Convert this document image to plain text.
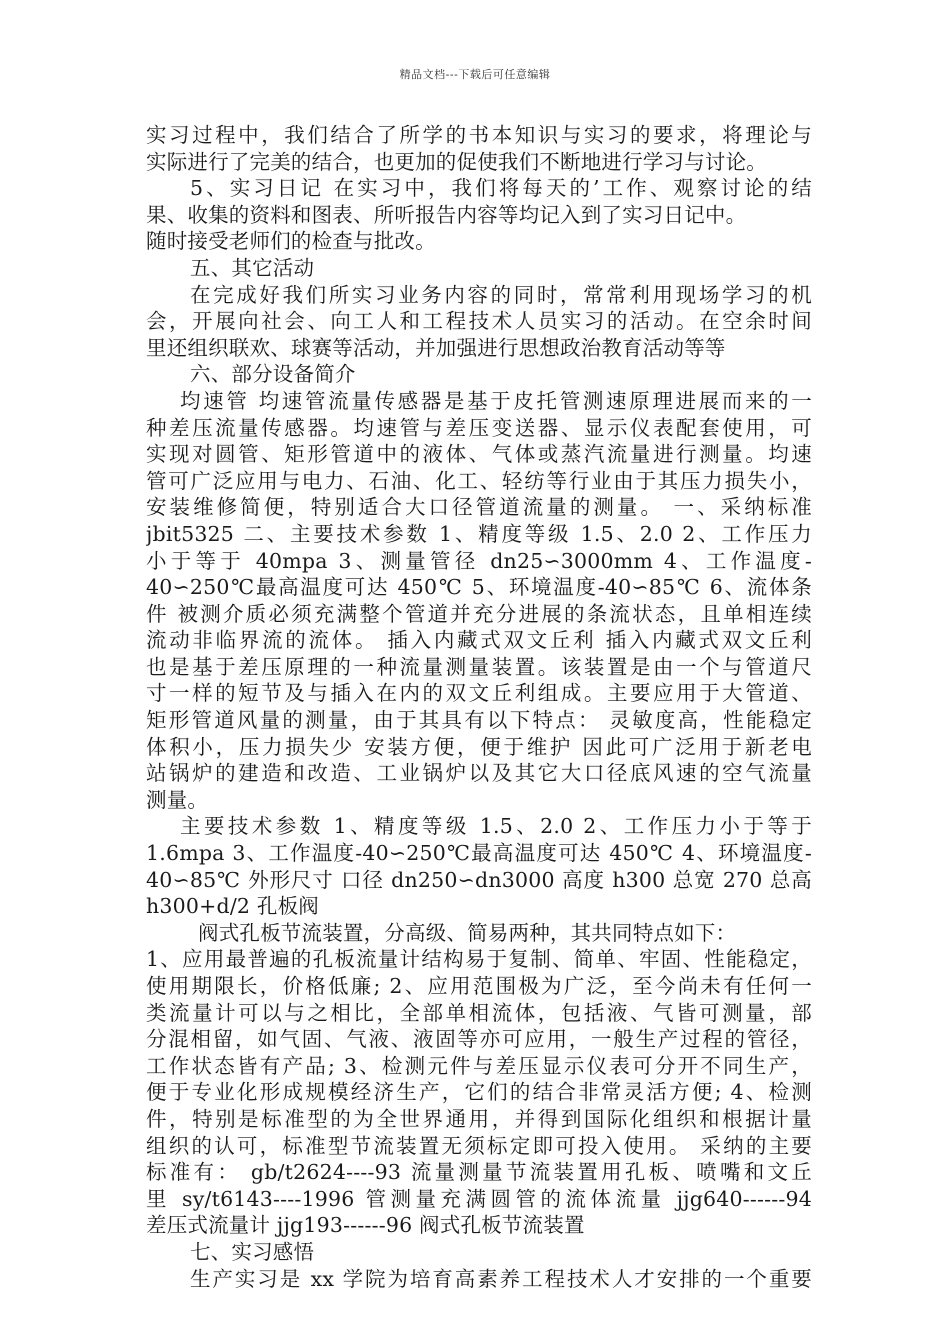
精品文档---下载后可任意编辑
实习过程中，我们结合了所学的书本知识与实习的要求，将理论与
实际进行了完美的结合，也更加的促使我们不断地进行学习与讨论。
5、实习日记 在实习中，我们将每天的’工作、观察讨论的结
果、收集的资料和图表、所听报告内容等均记入到了实习日记中。
随时接受老师们的检查与批改。
五、其它活动
在完成好我们所实习业务内容的同时，常常利用现场学习的机
会，开展向社会、向工人和工程技术人员实习的活动。在空余时间
里还组织联欢、球赛等活动，并加强进行思想政治教育活动等等
六、部分设备简介
均速管 均速管流量传感器是基于皮托管测速原理进展而来的一
种差压流量传感器。均速管与差压变送器、显示仪表配套使用，可
实现对圆管、矩形管道中的液体、气体或蒸汽流量进行测量。均速
管可广泛应用与电力、石油、化工、轻纺等行业由于其压力损失小，
安装维修简便，特别适合大口径管道流量的测量。 一、采纳标准
jbit5325 二、主要技术参数 1、精度等级 1.5、2.0 2、工作压力
小于等于 40mpa 3、测量管径 dn25∽3000mm 4、工作温度-
40∽250℃最高温度可达 450℃ 5、环境温度-40∽85℃ 6、流体条
件 被测介质必须充满整个管道并充分进展的条流状态，且单相连续
流动非临界流的流体。 插入内藏式双文丘利 插入内藏式双文丘利
也是基于差压原理的一种流量测量装置。该装置是由一个与管道尺
寸一样的短节及与插入在内的双文丘利组成。主要应用于大管道、
矩形管道风量的测量，由于其具有以下特点： 灵敏度高，性能稳定
体积小，压力损失少 安装方便，便于维护 因此可广泛用于新老电
站锅炉的建造和改造、工业锅炉以及其它大口径底风速的空气流量
测量。
主要技术参数 1、精度等级 1.5、2.0 2、工作压力小于等于
1.6mpa 3、工作温度-40∽250℃最高温度可达 450℃ 4、环境温度-
40∽85℃ 外形尺寸 口径 dn250∽dn3000 高度 h300 总宽 270 总高
h300+d/2 孔板阀
阀式孔板节流装置，分高级、简易两种，其共同特点如下：
1、应用最普遍的孔板流量计结构易于复制、简单、牢固、性能稳定，
使用期限长，价格低廉; 2、应用范围极为广泛，至今尚未有任何一
类流量计可以与之相比，全部单相流体，包括液、气皆可测量，部
分混相留，如气固、气液、液固等亦可应用，一般生产过程的管径，
工作状态皆有产品; 3、检测元件与差压显示仪表可分开不同生产，
便于专业化形成规模经济生产，它们的结合非常灵活方便; 4、检测
件，特别是标准型的为全世界通用，并得到国际化组织和根据计量
组织的认可，标准型节流装置无须标定即可投入使用。 采纳的主要
标准有： gb/t2624----93 流量测量节流装置用孔板、喷嘴和文丘
里 sy/t6143----1996 管测量充满圆管的流体流量 jjg640------94
差压式流量计 jjg193------96 阀式孔板节流装置
七、实习感悟
生产实习是 xx 学院为培育高素养工程技术人才安排的一个重要
